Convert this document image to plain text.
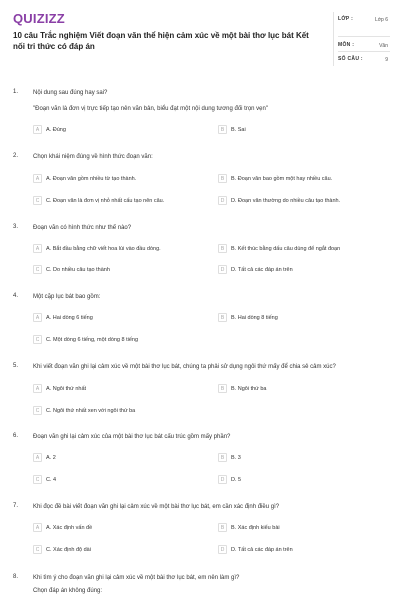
QUIZIZZ
10 câu Trắc nghiệm Viết đoạn văn thể hiện cảm xúc về một bài thơ lục bát Kết nối tri thức có đáp án
LỚP :	Lớp 6
MÔN :	Văn
SỐ CÂU :	9
1. Nội dung sau đúng hay sai?
"Đoạn văn là đơn vị trực tiếp tạo nên văn bản, biểu đạt một nội dung tương đối trọn vẹn"
A	A. Đúng	B	B. Sai
2. Chọn khái niệm đúng về hình thức đoạn văn:
A	A. Đoạn văn gồm nhiều từ tạo thành.	B	B. Đoạn văn bao gồm một hay nhiều câu.
C	C. Đoạn văn là đơn vị nhỏ nhất cấu tạo nên câu.	D	D. Đoạn văn thường do nhiều câu tạo thành.
3. Đoạn văn có hình thức như thế nào?
A	A. Bắt đầu bằng chữ viết hoa lùi vào đầu dòng.	B	B. Kết thúc bằng dấu câu dùng để ngắt đoạn
C	C. Do nhiều câu tạo thành	D	D. Tất cả các đáp án trên
4. Một cặp lục bát bao gồm:
A	A. Hai dòng 6 tiếng	B	B. Hai dòng 8 tiếng
C	C. Một dòng 6 tiếng, một dòng 8 tiếng
5. Khi viết đoạn văn ghi lại cảm xúc về một bài thơ lục bát, chúng ta phải sử dụng ngôi thứ mấy để chia sẻ cảm xúc?
A	A. Ngôi thứ nhất	B	B. Ngôi thứ ba
C	C. Ngôi thứ nhất xen với ngôi thứ ba
6. Đoạn văn ghi lại cảm xúc của một bài thơ lục bát cấu trúc gồm mấy phần?
A	A. 2	B	B. 3
C	C. 4	D	D. 5
7. Khi đọc đề bài viết đoạn văn ghi lại cảm xúc về một bài thơ lục bát, em cần xác định điều gì?
A	A. Xác định vấn đề	B	B. Xác định kiểu bài
C	C. Xác định độ dài	D	D. Tất cả các đáp án trên
8. Khi tìm ý cho đoạn văn ghi lại cảm xúc về một bài thơ lục bát, em nên làm gì?
Chọn đáp án không đúng:
